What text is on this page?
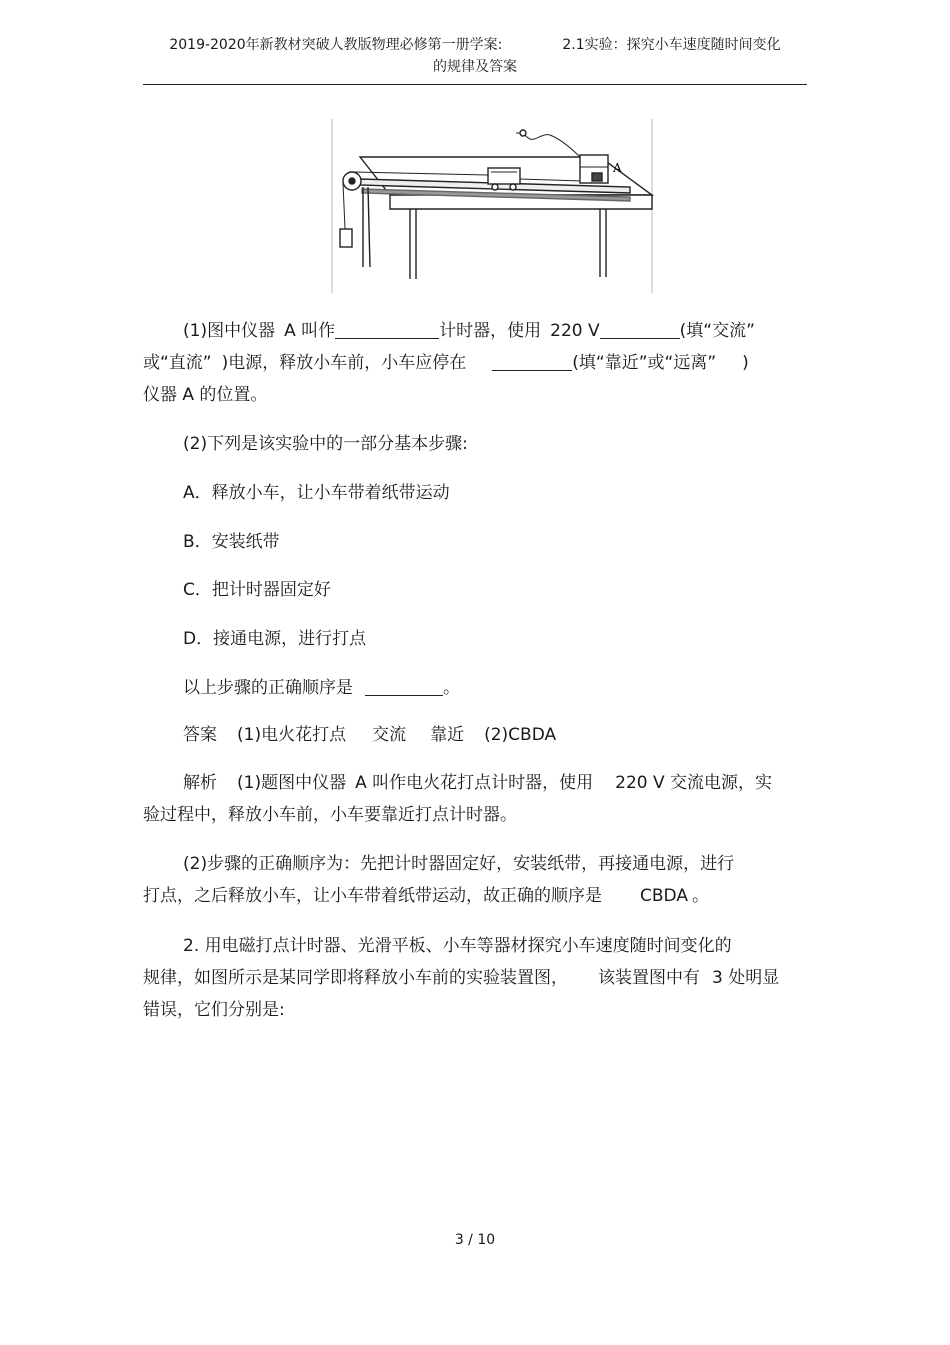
2019-2020年新教材突破人教版物理必修第一册学案:	2.1实验：探究小车速度随时间变化
的规律及答案
A

(1)图中仪器 A 叫作	计时器，使用 220 V	(填“交流”
或“直流” )电源，释放小车前，小车应停在	(填“靠近”或“远离” )
仪器 A 的位置。

(2)下列是该实验中的一部分基本步骤:

A．释放小车，让小车带着纸带运动

B．安装纸带

C．把计时器固定好

D．接通电源，进行打点

以上步骤的正确顺序是	。

答案 (1)电火花打点 交流 靠近 (2)CBDA

解析 (1)题图中仪器 A 叫作电火花打点计时器，使用 220 V 交流电源，实
验过程中，释放小车前，小车要靠近打点计时器。

(2)步骤的正确顺序为：先把计时器固定好，安装纸带，再接通电源，进行
打点，之后释放小车，让小车带着纸带运动，故正确的顺序是 CBDA 。

2. 用电磁打点计时器、光滑平板、小车等器材探究小车速度随时间变化的
规律，如图所示是某同学即将释放小车前的实验装置图， 该装置图中有 3 处明显
错误，它们分别是:

3 / 10
